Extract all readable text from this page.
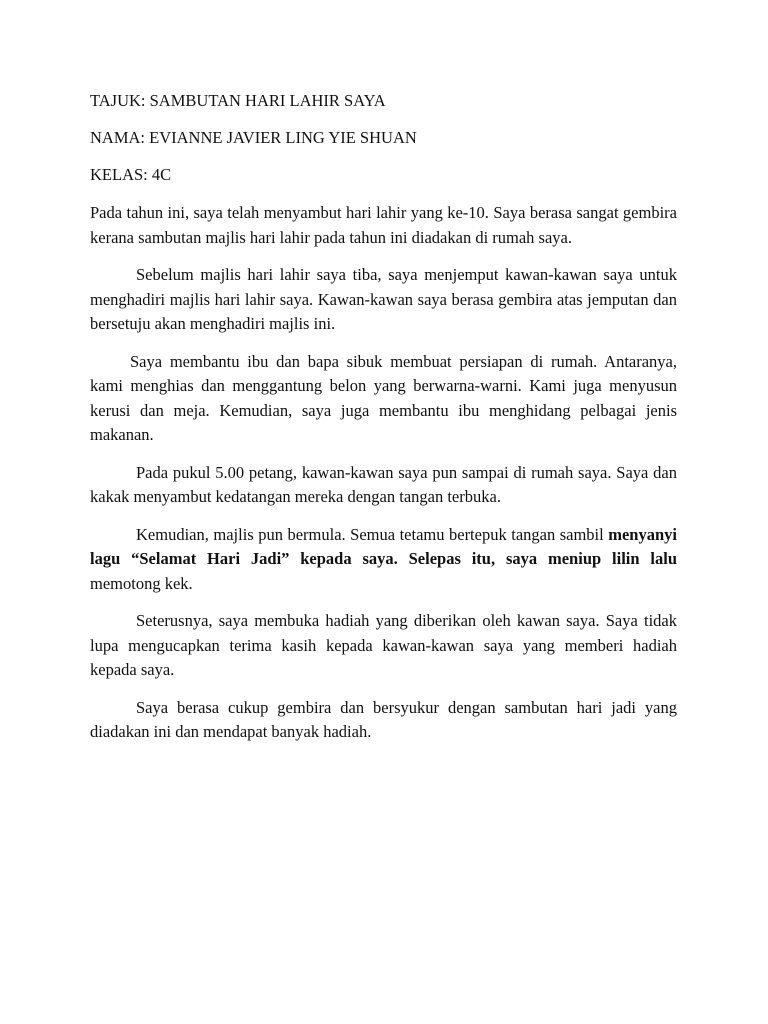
TAJUK: SAMBUTAN HARI LAHIR SAYA
NAMA: EVIANNE JAVIER LING YIE SHUAN
KELAS: 4C

Pada tahun ini, saya telah menyambut hari lahir yang ke-10. Saya berasa sangat gembira kerana sambutan majlis hari lahir pada tahun ini diadakan di rumah saya.

Sebelum majlis hari lahir saya tiba, saya menjemput kawan-kawan saya untuk menghadiri majlis hari lahir saya. Kawan-kawan saya berasa gembira atas jemputan dan bersetuju akan menghadiri majlis ini.

Saya membantu ibu dan bapa sibuk membuat persiapan di rumah. Antaranya, kami menghias dan menggantung belon yang berwarna-warni. Kami juga menyusun kerusi dan meja. Kemudian, saya juga membantu ibu menghidang pelbagai jenis makanan.

Pada pukul 5.00 petang, kawan-kawan saya pun sampai di rumah saya. Saya dan kakak menyambut kedatangan mereka dengan tangan terbuka.

Kemudian, majlis pun bermula. Semua tetamu bertepuk tangan sambil menyanyi lagu “Selamat Hari Jadi” kepada saya. Selepas itu, saya meniup lilin lalu memotong kek.

Seterusnya, saya membuka hadiah yang diberikan oleh kawan saya. Saya tidak lupa mengucapkan terima kasih kepada kawan-kawan saya yang memberi hadiah kepada saya.

Saya berasa cukup gembira dan bersyukur dengan sambutan hari jadi yang diadakan ini dan mendapat banyak hadiah.
